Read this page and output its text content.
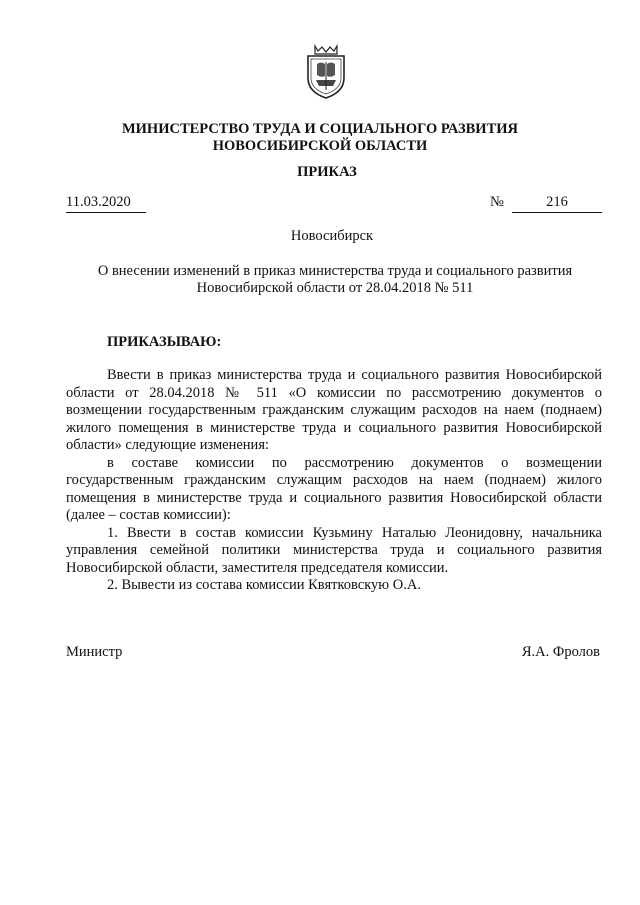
МИНИСТЕРСТВО ТРУДА И СОЦИАЛЬНОГО РАЗВИТИЯ
НОВОСИБИРСКОЙ ОБЛАСТИ
ПРИКАЗ
11.03.2020	№	216
Новосибирск
О внесении изменений в приказ министерства труда и социального развития
Новосибирской области от 28.04.2018 № 511
ПРИКАЗЫВАЮ:

Ввести в приказ министерства труда и социального развития Новосибирской области от 28.04.2018 № 511 «О комиссии по рассмотрению документов о возмещении государственным гражданским служащим расходов на наем (поднаем) жилого помещения в министерстве труда и социального развития Новосибирской области» следующие изменения:

в составе комиссии по рассмотрению документов о возмещении государственным гражданским служащим расходов на наем (поднаем) жилого помещения в министерстве труда и социального развития Новосибирской области (далее – состав комиссии):

1. Ввести в состав комиссии Кузьмину Наталью Леонидовну, начальника управления семейной политики министерства труда и социального развития Новосибирской области, заместителя председателя комиссии.

2. Вывести из состава комиссии Квятковскую О.А.

Министр	Я.А. Фролов
